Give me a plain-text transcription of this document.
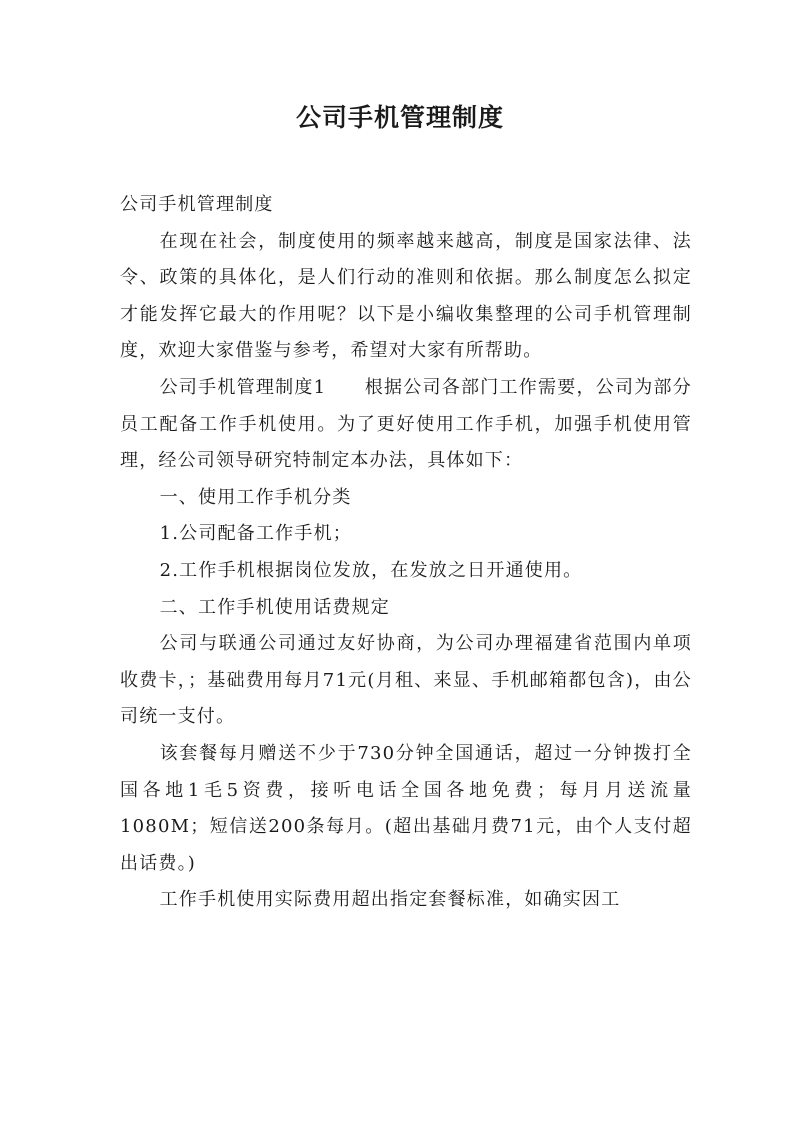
公司手机管理制度

公司手机管理制度

在现在社会，制度使用的频率越来越高，制度是国家法律、法令、政策的具体化，是人们行动的准则和依据。那么制度怎么拟定才能发挥它最大的作用呢？以下是小编收集整理的公司手机管理制度，欢迎大家借鉴与参考，希望对大家有所帮助。

公司手机管理制度1　　根据公司各部门工作需要，公司为部分员工配备工作手机使用。为了更好使用工作手机，加强手机使用管理，经公司领导研究特制定本办法，具体如下：

一、使用工作手机分类

1.公司配备工作手机；

2.工作手机根据岗位发放，在发放之日开通使用。

二、工作手机使用话费规定

公司与联通公司通过友好协商，为公司办理福建省范围内单项收费卡，；基础费用每月71元(月租、来显、手机邮箱都包含)，由公司统一支付。

该套餐每月赠送不少于730分钟全国通话，超过一分钟拨打全国各地1毛5资费，接听电话全国各地免费；每月月送流量1080M；短信送200条每月。(超出基础月费71元，由个人支付超出话费。)

工作手机使用实际费用超出指定套餐标准，如确实因工
